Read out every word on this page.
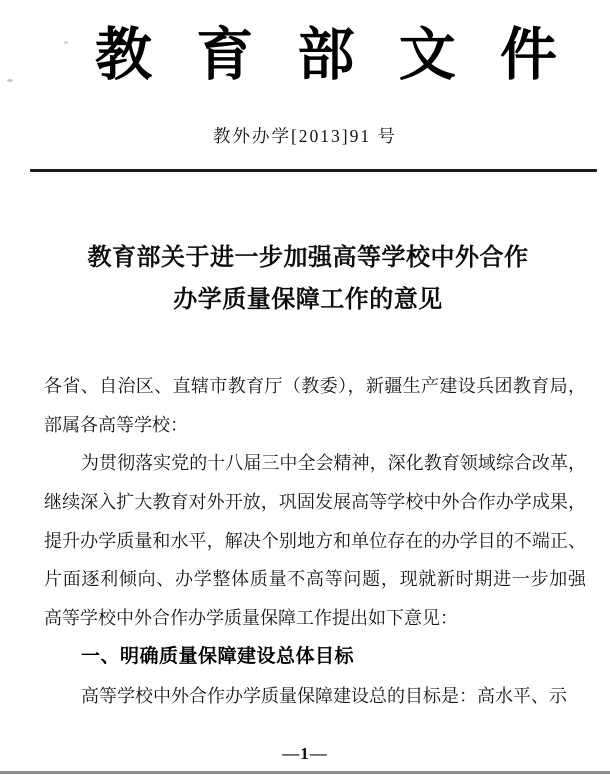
教 育 部 文 件
教外办学[2013]91 号
教育部关于进一步加强高等学校中外合作
办学质量保障工作的意见
各省、自治区、直辖市教育厅（教委），新疆生产建设兵团教育局，
部属各高等学校：
为贯彻落实党的十八届三中全会精神，深化教育领域综合改革，
继续深入扩大教育对外开放，巩固发展高等学校中外合作办学成果，
提升办学质量和水平，解决个别地方和单位存在的办学目的不端正、
片面逐利倾向、办学整体质量不高等问题，现就新时期进一步加强
高等学校中外合作办学质量保障工作提出如下意见：
一、明确质量保障建设总体目标
高等学校中外合作办学质量保障建设总的目标是：高水平、示
—1—
